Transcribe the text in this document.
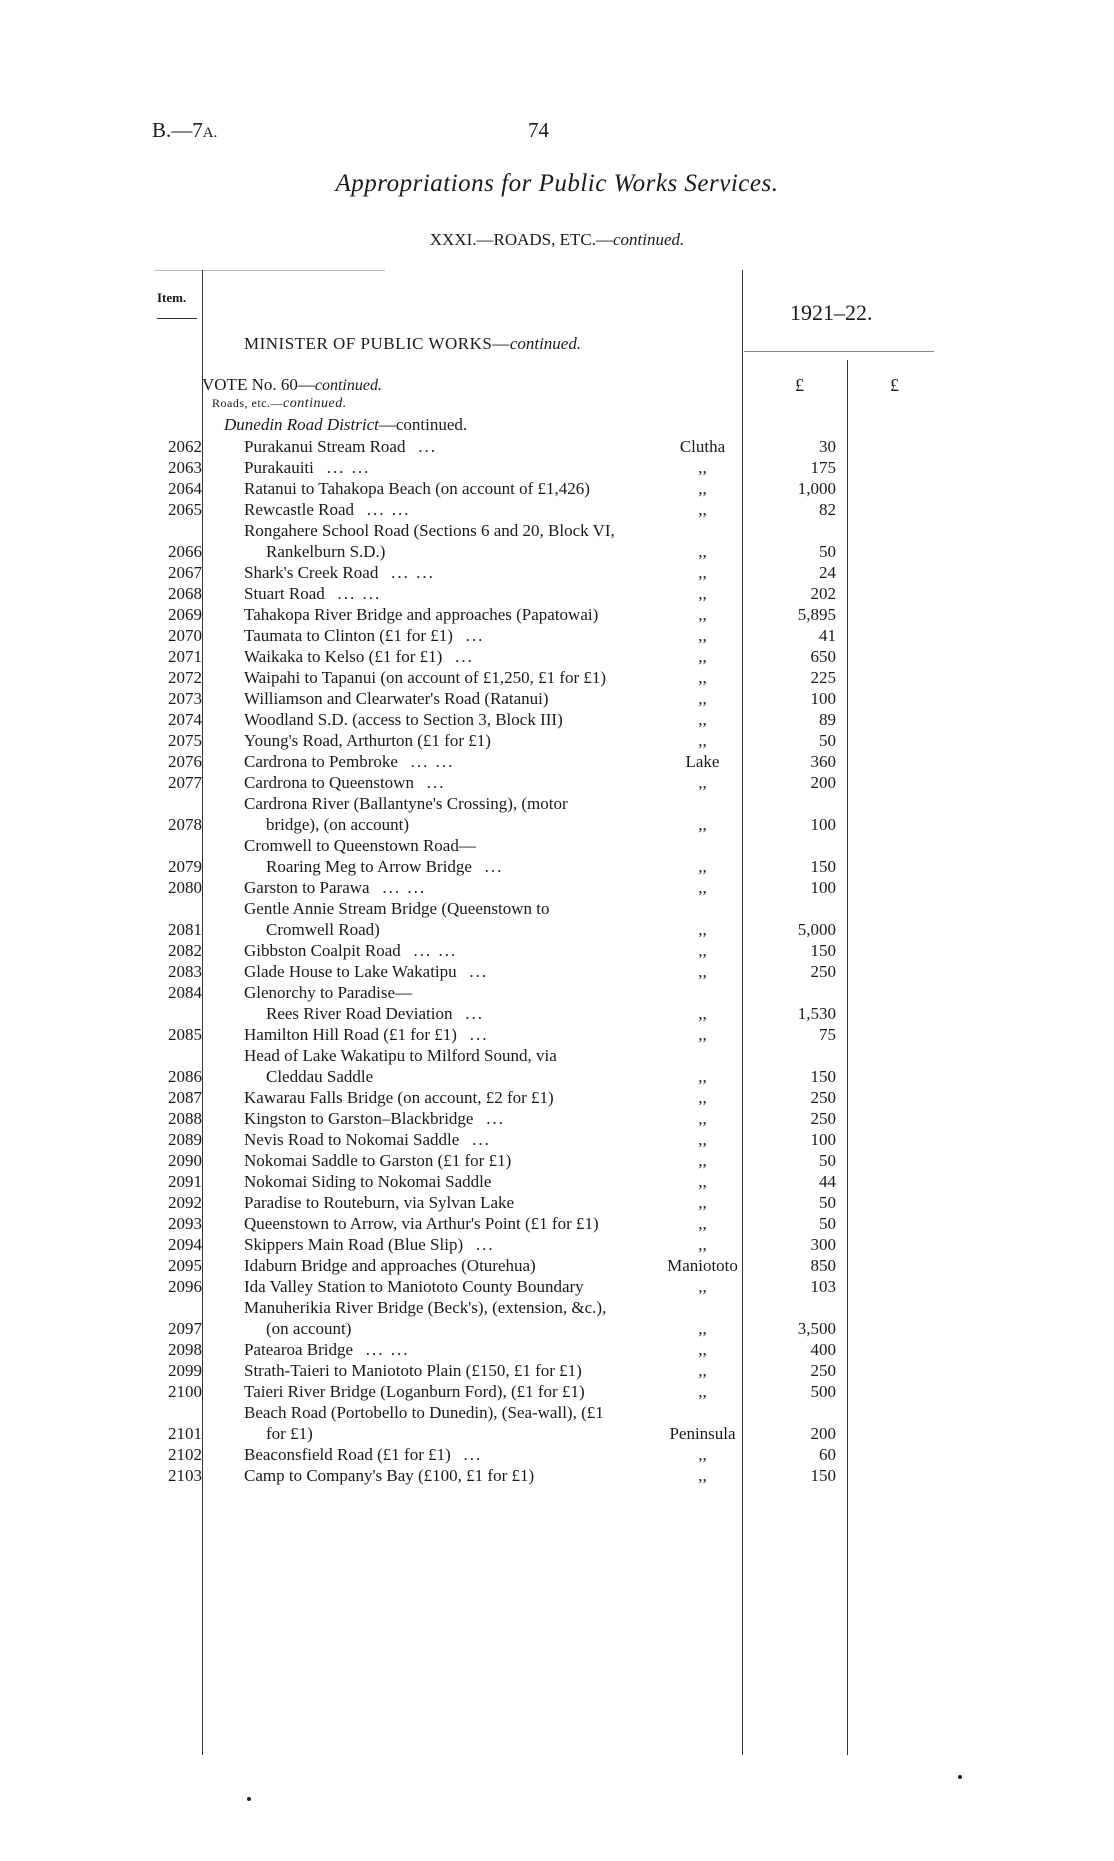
B.—7A.	74
Appropriations for Public Works Services.
XXXI.—ROADS, ETC.—continued.
Item.
1921–22.
MINISTER OF PUBLIC WORKS—continued.
£	£
VOTE No. 60—continued.
Roads, etc.—continued.
Dunedin Road District—continued.
2062 Purakanui Stream Road ...	Clutha	30
2063 Purakauiti ... ...	,,	175
2064 Ratanui to Tahakopa Beach (on account of £1,426)	,,	1,000
2065 Rewcastle Road ... ...	,,	82
2066
Rongahere School Road (Sections 6 and 20, Block VI, Rankelburn S.D.)	,,	50
2067 Shark's Creek Road ... ...	,,	24
2068 Stuart Road ... ...	,,	202
2069 Tahakopa River Bridge and approaches (Papatowai)	,,	5,895
2070 Taumata to Clinton (£1 for £1) ...	,,	41
2071 Waikaka to Kelso (£1 for £1) ...	,,	650
2072 Waipahi to Tapanui (on account of £1,250, £1 for £1)	,,	225
2073 Williamson and Clearwater's Road (Ratanui)	,,	100
2074 Woodland S.D. (access to Section 3, Block III)	,,	89
2075 Young's Road, Arthurton (£1 for £1)	,,	50
2076 Cardrona to Pembroke ... ...	Lake	360
2077 Cardrona to Queenstown ...	,,	200
2078
Cardrona River (Ballantyne's Crossing), (motor bridge), (on account)	,,	100
Cromwell to Queenstown Road—
2079	Roaring Meg to Arrow Bridge ...	,,	150
2080 Garston to Parawa ... ...	,,	100
2081
Gentle Annie Stream Bridge (Queenstown to Cromwell Road)	,,	5,000
2082 Gibbston Coalpit Road ... ...	,,	150
2083 Glade House to Lake Wakatipu ...	,,	250
2084 Glenorchy to Paradise—
Rees River Road Deviation ...	,,	1,530
2085 Hamilton Hill Road (£1 for £1) ...	,,	75
2086
Head of Lake Wakatipu to Milford Sound, via Cleddau Saddle	,,	150
2087 Kawarau Falls Bridge (on account, £2 for £1)	,,	250
2088 Kingston to Garston–Blackbridge ...	,,	250
2089 Nevis Road to Nokomai Saddle ...	,,	100
2090 Nokomai Saddle to Garston (£1 for £1)	,,	50
2091 Nokomai Siding to Nokomai Saddle	,,	44
2092 Paradise to Routeburn, via Sylvan Lake	,,	50
2093 Queenstown to Arrow, via Arthur's Point (£1 for £1)	,,	50
2094 Skippers Main Road (Blue Slip) ...	,,	300
2095 Idaburn Bridge and approaches (Oturehua)	Maniototo	850
2096 Ida Valley Station to Maniototo County Boundary	,,	103
2097
Manuherikia River Bridge (Beck's), (extension, &c.), (on account)	,,	3,500
2098 Patearoa Bridge ... ...	,,	400
2099 Strath-Taieri to Maniototo Plain (£150, £1 for £1)	,,	250
2100 Taieri River Bridge (Loganburn Ford), (£1 for £1)	,,	500
2101
Beach Road (Portobello to Dunedin), (Sea-wall), (£1 for £1)	Peninsula	200
2102 Beaconsfield Road (£1 for £1) ...	,,	60
2103 Camp to Company's Bay (£100, £1 for £1)	,,	150
